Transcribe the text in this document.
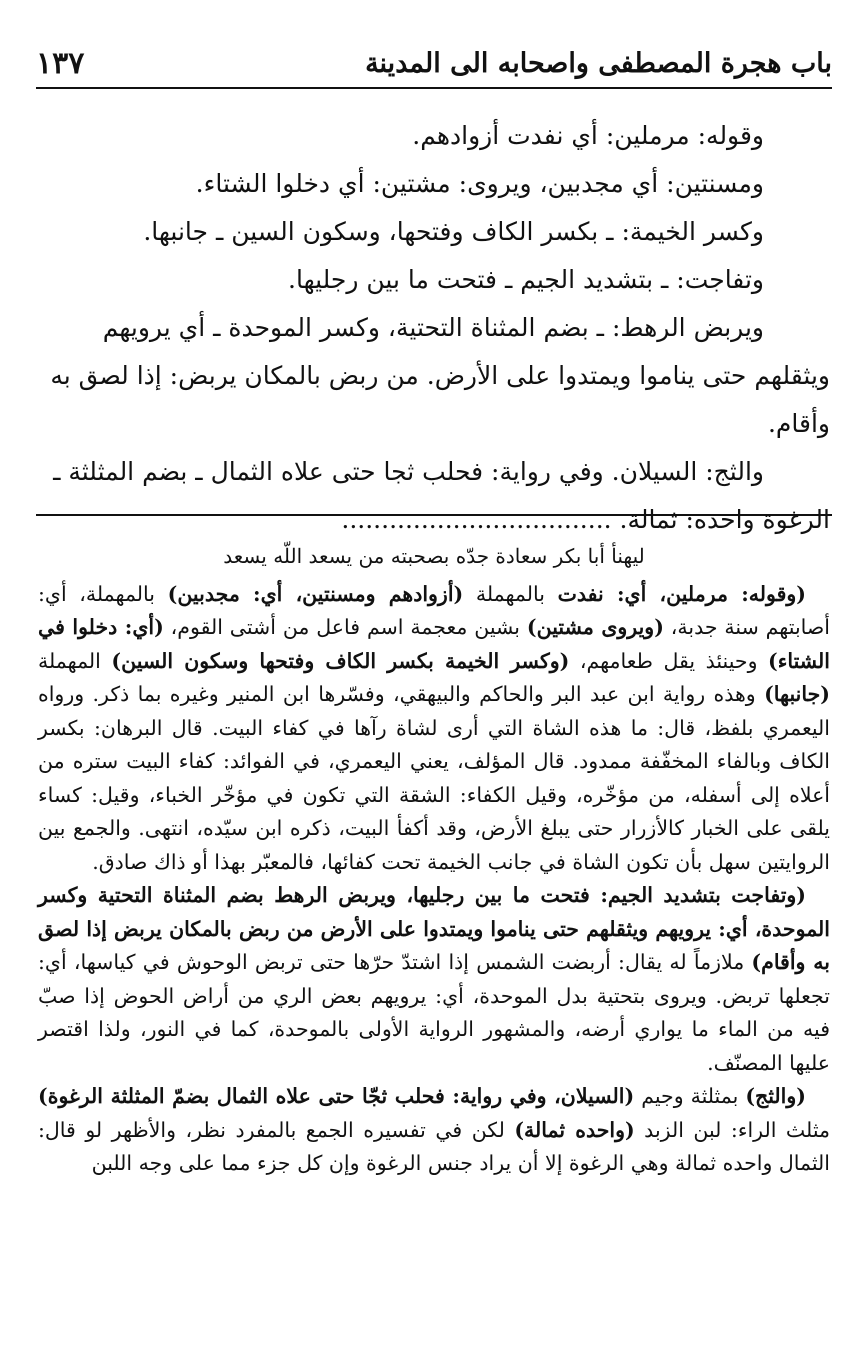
باب هجرة المصطفى واصحابه الى المدينة
١٣٧

وقوله: مرملين: أي نفدت أزوادهم.

ومسنتين: أي مجدبين، ويروى: مشتين: أي دخلوا الشتاء.

وكسر الخيمة: ـ بكسر الكاف وفتحها، وسكون السين ـ جانبها.

وتفاجت: ـ بتشديد الجيم ـ فتحت ما بين رجليها.

ويربض الرهط: ـ بضم المثناة التحتية، وكسر الموحدة ـ أي يرويهم ويثقلهم حتى يناموا ويمتدوا على الأرض. من ربض بالمكان يربض: إذا لصق به وأقام.

والثج: السيلان. وفي رواية: فحلب ثجا حتى علاه الثمال ـ بضم المثلثة ـ الرغوة واحده: ثمالة. ..................................

ليهنأ أبا بكر سعادة جدّه بصحبته من يسعد اللّه يسعد

(وقوله: مرملين، أي: نفدت بالمهملة (أزوادهم ومسنتين، أي: مجدبين) بالمهملة، أي: أصابتهم سنة جدبة، (ويروى مشتين) بشين معجمة اسم فاعل من أشتى القوم، (أي: دخلوا في الشتاء) وحينئذ يقل طعامهم، (وكسر الخيمة بكسر الكاف وفتحها وسكون السين) المهملة (جانبها) وهذه رواية ابن عبد البر والحاكم والبيهقي، وفسّرها ابن المنير وغيره بما ذكر. ورواه اليعمري بلفظ، قال: ما هذه الشاة التي أرى لشاة رآها في كفاء البيت. قال البرهان: بكسر الكاف وبالفاء المخفّفة ممدود. قال المؤلف، يعني اليعمري، في الفوائد: كفاء البيت ستره من أعلاه إلى أسفله، من مؤخّره، وقيل الكفاء: الشقة التي تكون في مؤخّر الخباء، وقيل: كساء يلقى على الخبار كالأزرار حتى يبلغ الأرض، وقد أكفأ البيت، ذكره ابن سيّده، انتهى. والجمع بين الروايتين سهل بأن تكون الشاة في جانب الخيمة تحت كفائها، فالمعبّر بهذا أو ذاك صادق.

(وتفاجت بتشديد الجيم: فتحت ما بين رجليها، ويربض الرهط بضم المثناة التحتية وكسر الموحدة، أي: يرويهم ويثقلهم حتى يناموا ويمتدوا على الأرض من ربض بالمكان يربض إذا لصق به وأقام) ملازماً له يقال: أربضت الشمس إذا اشتدّ حرّها حتى تربض الوحوش في كياسها، أي: تجعلها تربض. ويروى بتحتية بدل الموحدة، أي: يرويهم بعض الري من أراض الحوض إذا صبّ فيه من الماء ما يواري أرضه، والمشهور الرواية الأولى بالموحدة، كما في النور، ولذا اقتصر عليها المصنّف.

(والثج) بمثلثة وجيم (السيلان، وفي رواية: فحلب ثجّا حتى علاه الثمال بضمّ المثلثة الرغوة) مثلث الراء: لبن الزبد (واحده ثمالة) لكن في تفسيره الجمع بالمفرد نظر، والأظهر لو قال: الثمال واحده ثمالة وهي الرغوة إلا أن يراد جنس الرغوة وإن كل جزء مما على وجه اللبن
